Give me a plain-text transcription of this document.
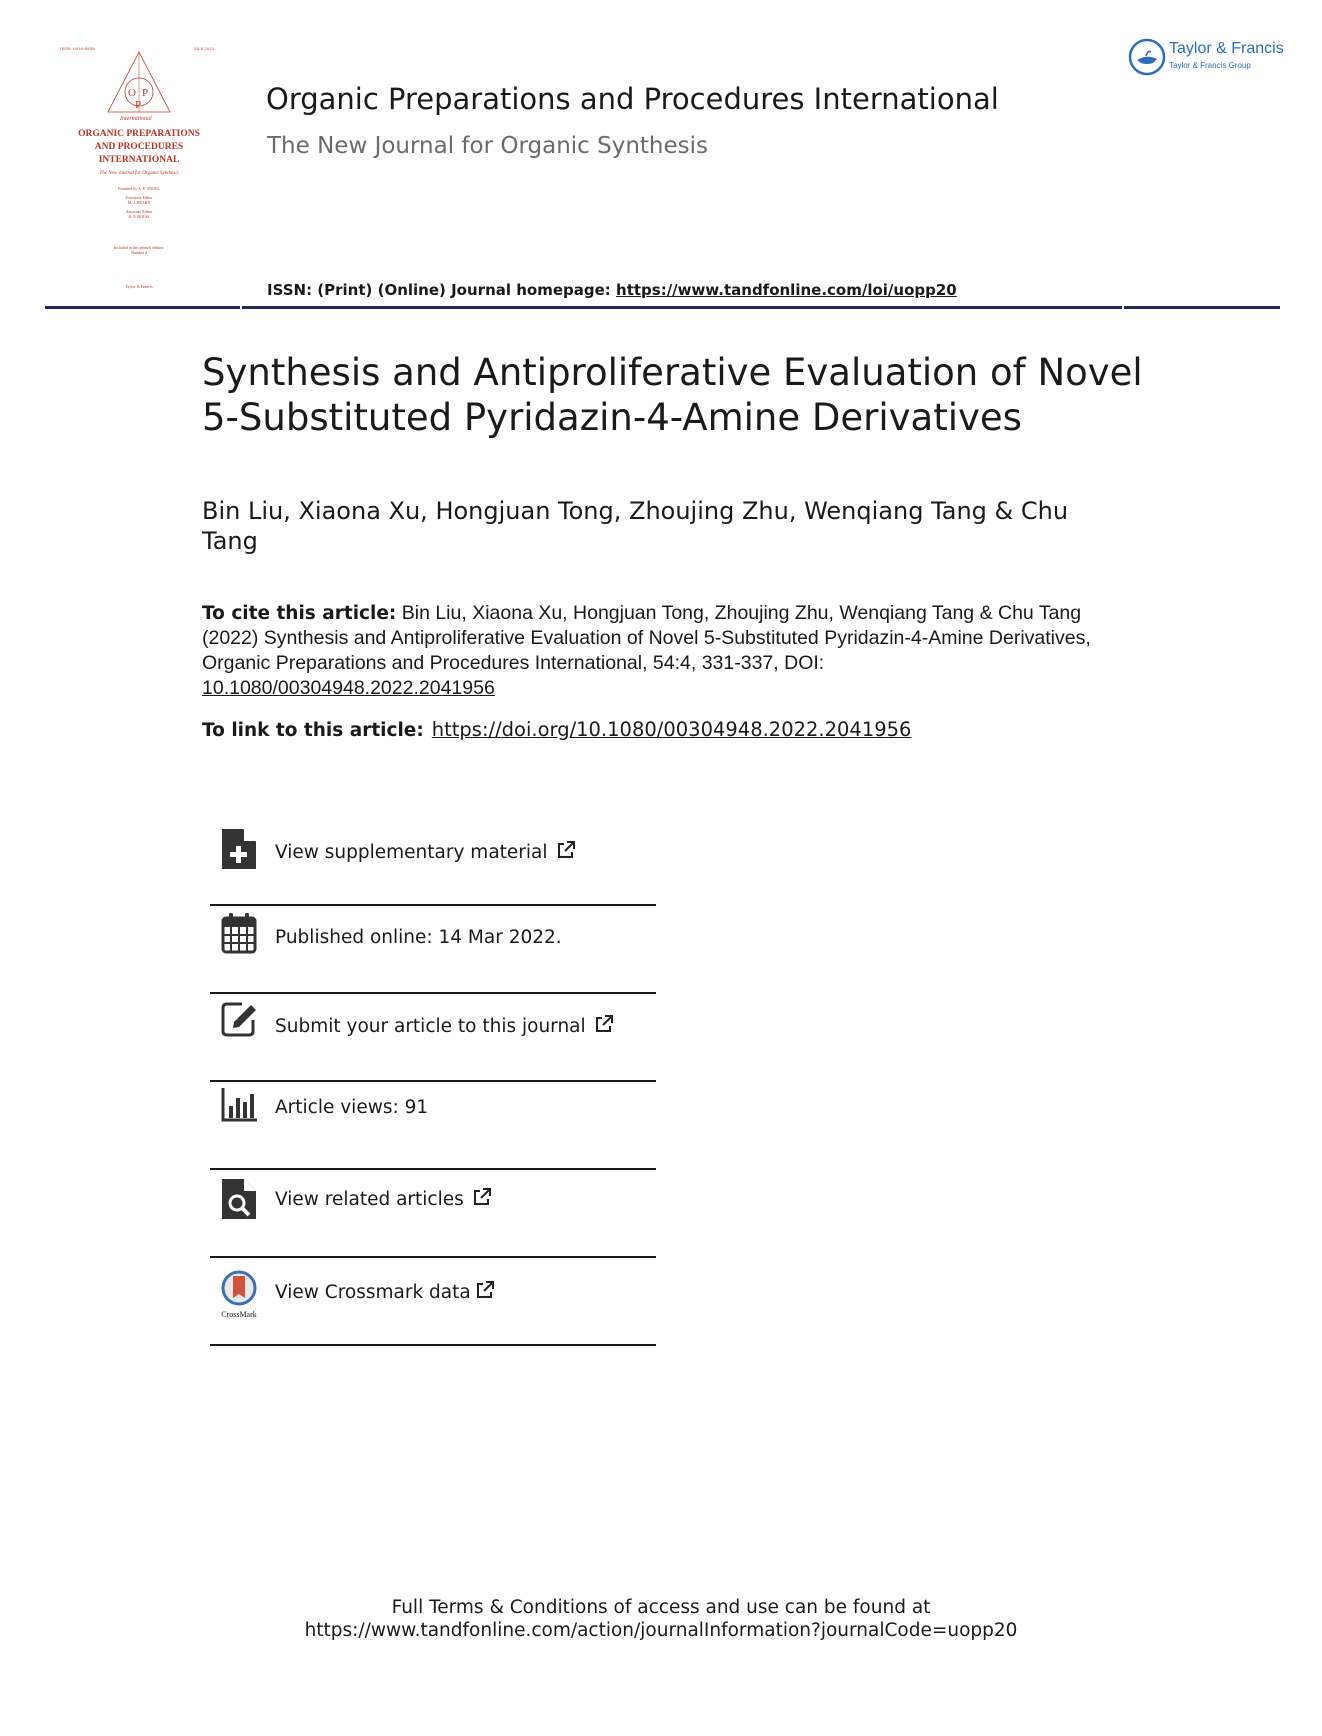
ISSN: 0030-4948	54:4 2022
O P
P
International
ORGANIC PREPARATIONS
AND PROCEDURES
INTERNATIONAL
The New Journal for Organic Synthesis
Founded by A. P. ANGEL
Executive Editor
M. J. HEARN
Associate Editor
K. P. ROJAS
Included in this printed edition:
Number 4
Taylor & Francis
Taylor & Francis
Taylor & Francis Group
Organic Preparations and Procedures International
The New Journal for Organic Synthesis
ISSN: (Print) (Online) Journal homepage: https://www.tandfonline.com/loi/uopp20
Synthesis and Antiproliferative Evaluation of Novel 5-Substituted Pyridazin-4-Amine Derivatives
Bin Liu, Xiaona Xu, Hongjuan Tong, Zhoujing Zhu, Wenqiang Tang & Chu Tang
To cite this article: Bin Liu, Xiaona Xu, Hongjuan Tong, Zhoujing Zhu, Wenqiang Tang & Chu Tang (2022) Synthesis and Antiproliferative Evaluation of Novel 5-Substituted Pyridazin-4-Amine Derivatives, Organic Preparations and Procedures International, 54:4, 331-337, DOI: 10.1080/00304948.2022.2041956
To link to this article: https://doi.org/10.1080/00304948.2022.2041956
View supplementary material
Published online: 14 Mar 2022.
Submit your article to this journal
Article views: 91
View related articles
CrossMark
View Crossmark data
Full Terms & Conditions of access and use can be found at
https://www.tandfonline.com/action/journalInformation?journalCode=uopp20
